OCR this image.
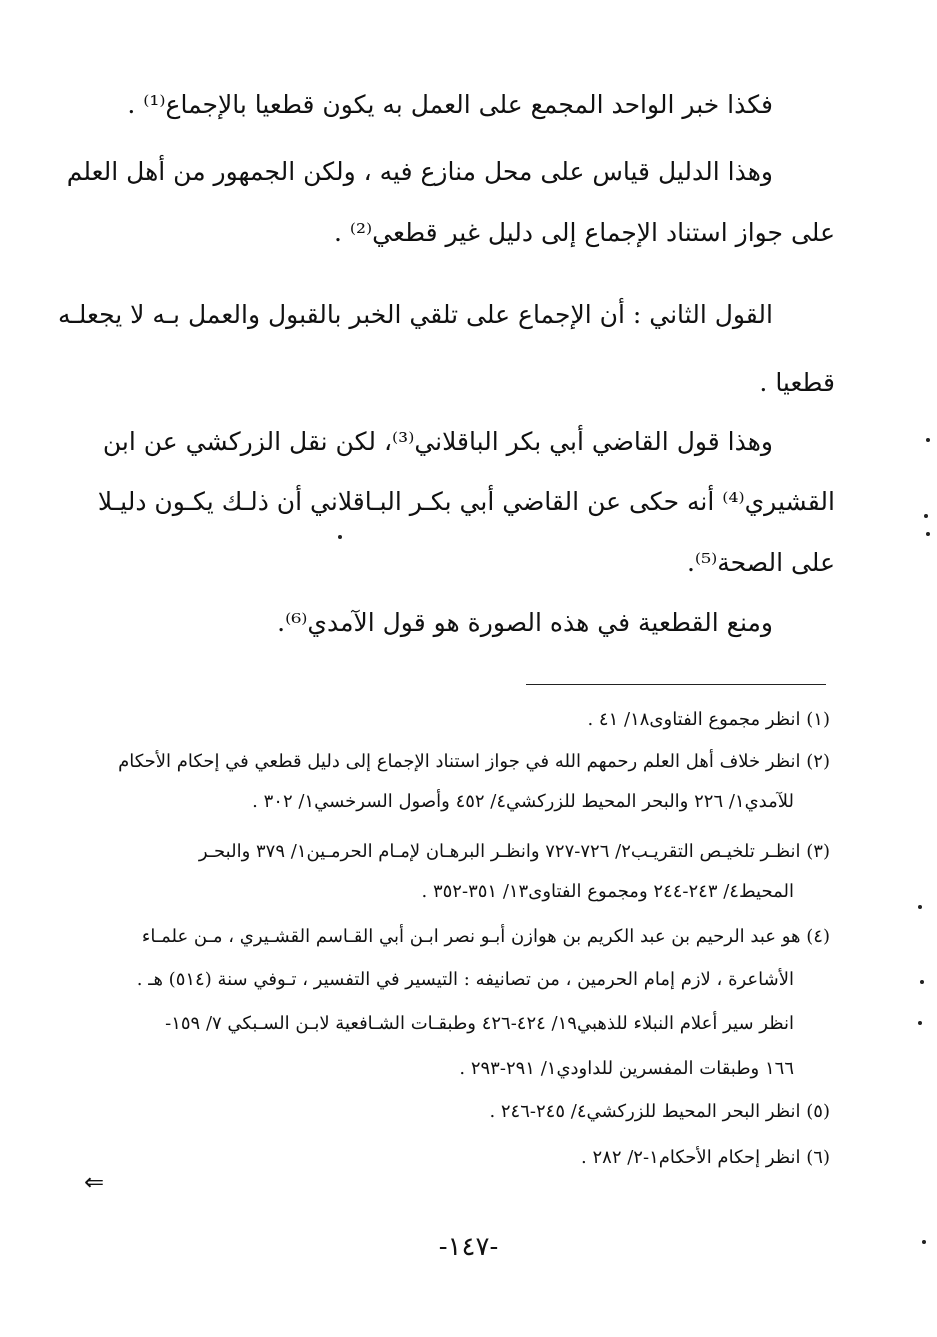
فكذا خبر الواحد المجمع على العمل به يكون قطعيا بالإجماع⁽¹⁾ .
وهذا الدليل قياس على محل منازع فيه ، ولكن الجمهور من أهل العلم
على جواز استناد الإجماع إلى دليل غير قطعي⁽²⁾ .
القول الثاني : أن الإجماع على تلقي الخبر بالقبول والعمل بـه لا يجعلـه
قطعيا .
وهذا قول القاضي أبي بكر الباقلاني⁽³⁾، لكن نقل الزركشي عن ابن
القشيري⁽⁴⁾ أنه حكى عن القاضي أبي بكـر البـاقلاني أن ذلـك يكـون دليـلا
على الصحة⁽⁵⁾.
ومنع القطعية في هذه الصورة هو قول الآمدي⁽⁶⁾.
(١) انظر مجموع الفتاوى١٨/ ٤١ .
(٢) انظر خلاف أهل العلم رحمهم الله في جواز استناد الإجماع إلى دليل قطعي في إحكام الأحكام
للآمدي١/ ٢٢٦ والبحر المحيط للزركشي٤/ ٤٥٢ وأصول السرخسي١/ ٣٠٢ .
(٣) انظـر تلخيـص التقريـب٢/ ٧٢٦-٧٢٧ وانظـر البرهـان لإمـام الحرمـين١/ ٣٧٩ والبحـر
المحيط٤/ ٢٤٣-٢٤٤ ومجموع الفتاوى١٣/ ٣٥١-٣٥٢ .
(٤) هو عبد الرحيم بن عبد الكريم بن هوازن أبـو نصر ابـن أبي القـاسم القشـيري ، مـن علمـاء
الأشاعرة ، لازم إمام الحرمين ، من تصانيفه : التيسير في التفسير ، تـوفي سنة (٥١٤) هـ .
انظر سير أعلام النبلاء للذهبي١٩/ ٤٢٤-٤٢٦ وطبقـات الشـافعية لابـن السـبكي ٧/ ١٥٩-
١٦٦ وطبقات المفسرين للداودي١/ ٢٩١-٢٩٣ .
(٥) انظر البحر المحيط للزركشي٤/ ٢٤٥-٢٤٦ .
(٦) انظر إحكام الأحكام١-٢/ ٢٨٢ .
⇐
-١٤٧-
